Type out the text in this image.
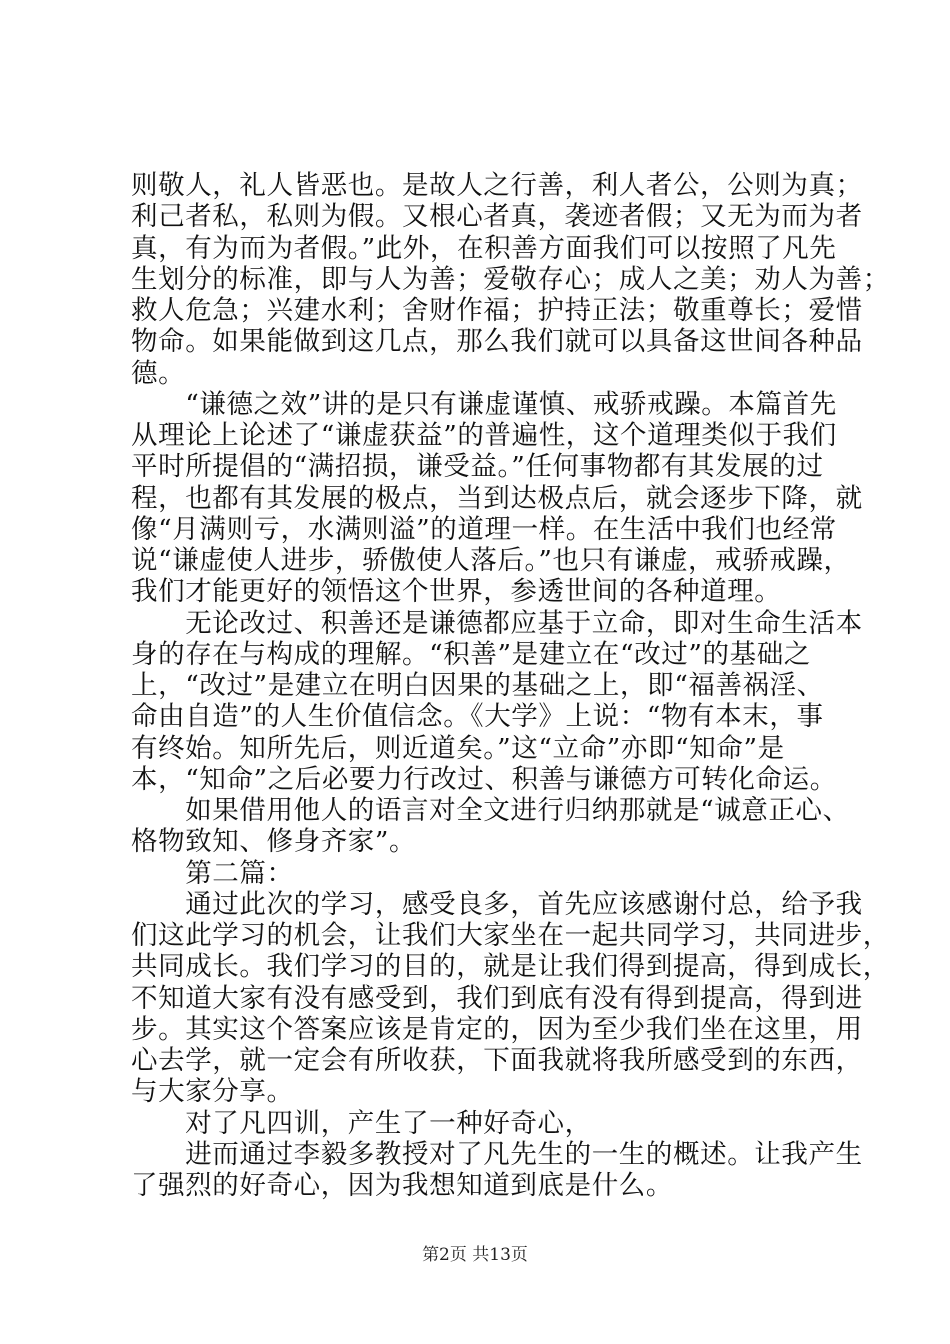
则敬人，礼人皆恶也。是故人之行善，利人者公，公则为真；
利己者私，私则为假。又根心者真，袭迹者假；又无为而为者
真，有为而为者假。”此外，在积善方面我们可以按照了凡先
生划分的标准，即与人为善；爱敬存心；成人之美；劝人为善；
救人危急；兴建水利；舍财作福；护持正法；敬重尊长；爱惜
物命。如果能做到这几点，那么我们就可以具备这世间各种品
德。
　　“谦德之效”讲的是只有谦虚谨慎、戒骄戒躁。本篇首先
从理论上论述了“谦虚获益”的普遍性，这个道理类似于我们
平时所提倡的“满招损，谦受益。”任何事物都有其发展的过
程，也都有其发展的极点，当到达极点后，就会逐步下降，就
像“月满则亏，水满则溢”的道理一样。在生活中我们也经常
说“谦虚使人进步，骄傲使人落后。”也只有谦虚，戒骄戒躁，
我们才能更好的领悟这个世界，参透世间的各种道理。
　　无论改过、积善还是谦德都应基于立命，即对生命生活本
身的存在与构成的理解。“积善”是建立在“改过”的基础之
上，“改过”是建立在明白因果的基础之上，即“福善祸淫、
命由自造”的人生价值信念。《大学》上说：“物有本末，事
有终始。知所先后，则近道矣。”这“立命”亦即“知命”是
本，“知命”之后必要力行改过、积善与谦德方可转化命运。
　　如果借用他人的语言对全文进行归纳那就是“诚意正心、
格物致知、修身齐家”。
　　第二篇：
　　通过此次的学习，感受良多，首先应该感谢付总，给予我
们这此学习的机会，让我们大家坐在一起共同学习，共同进步，
共同成长。我们学习的目的，就是让我们得到提高，得到成长，
不知道大家有没有感受到，我们到底有没有得到提高，得到进
步。其实这个答案应该是肯定的，因为至少我们坐在这里，用
心去学，就一定会有所收获，下面我就将我所感受到的东西，
与大家分享。
　　对了凡四训，产生了一种好奇心，
　　进而通过李毅多教授对了凡先生的一生的概述。让我产生
了强烈的好奇心，因为我想知道到底是什么。
第2页 共13页
